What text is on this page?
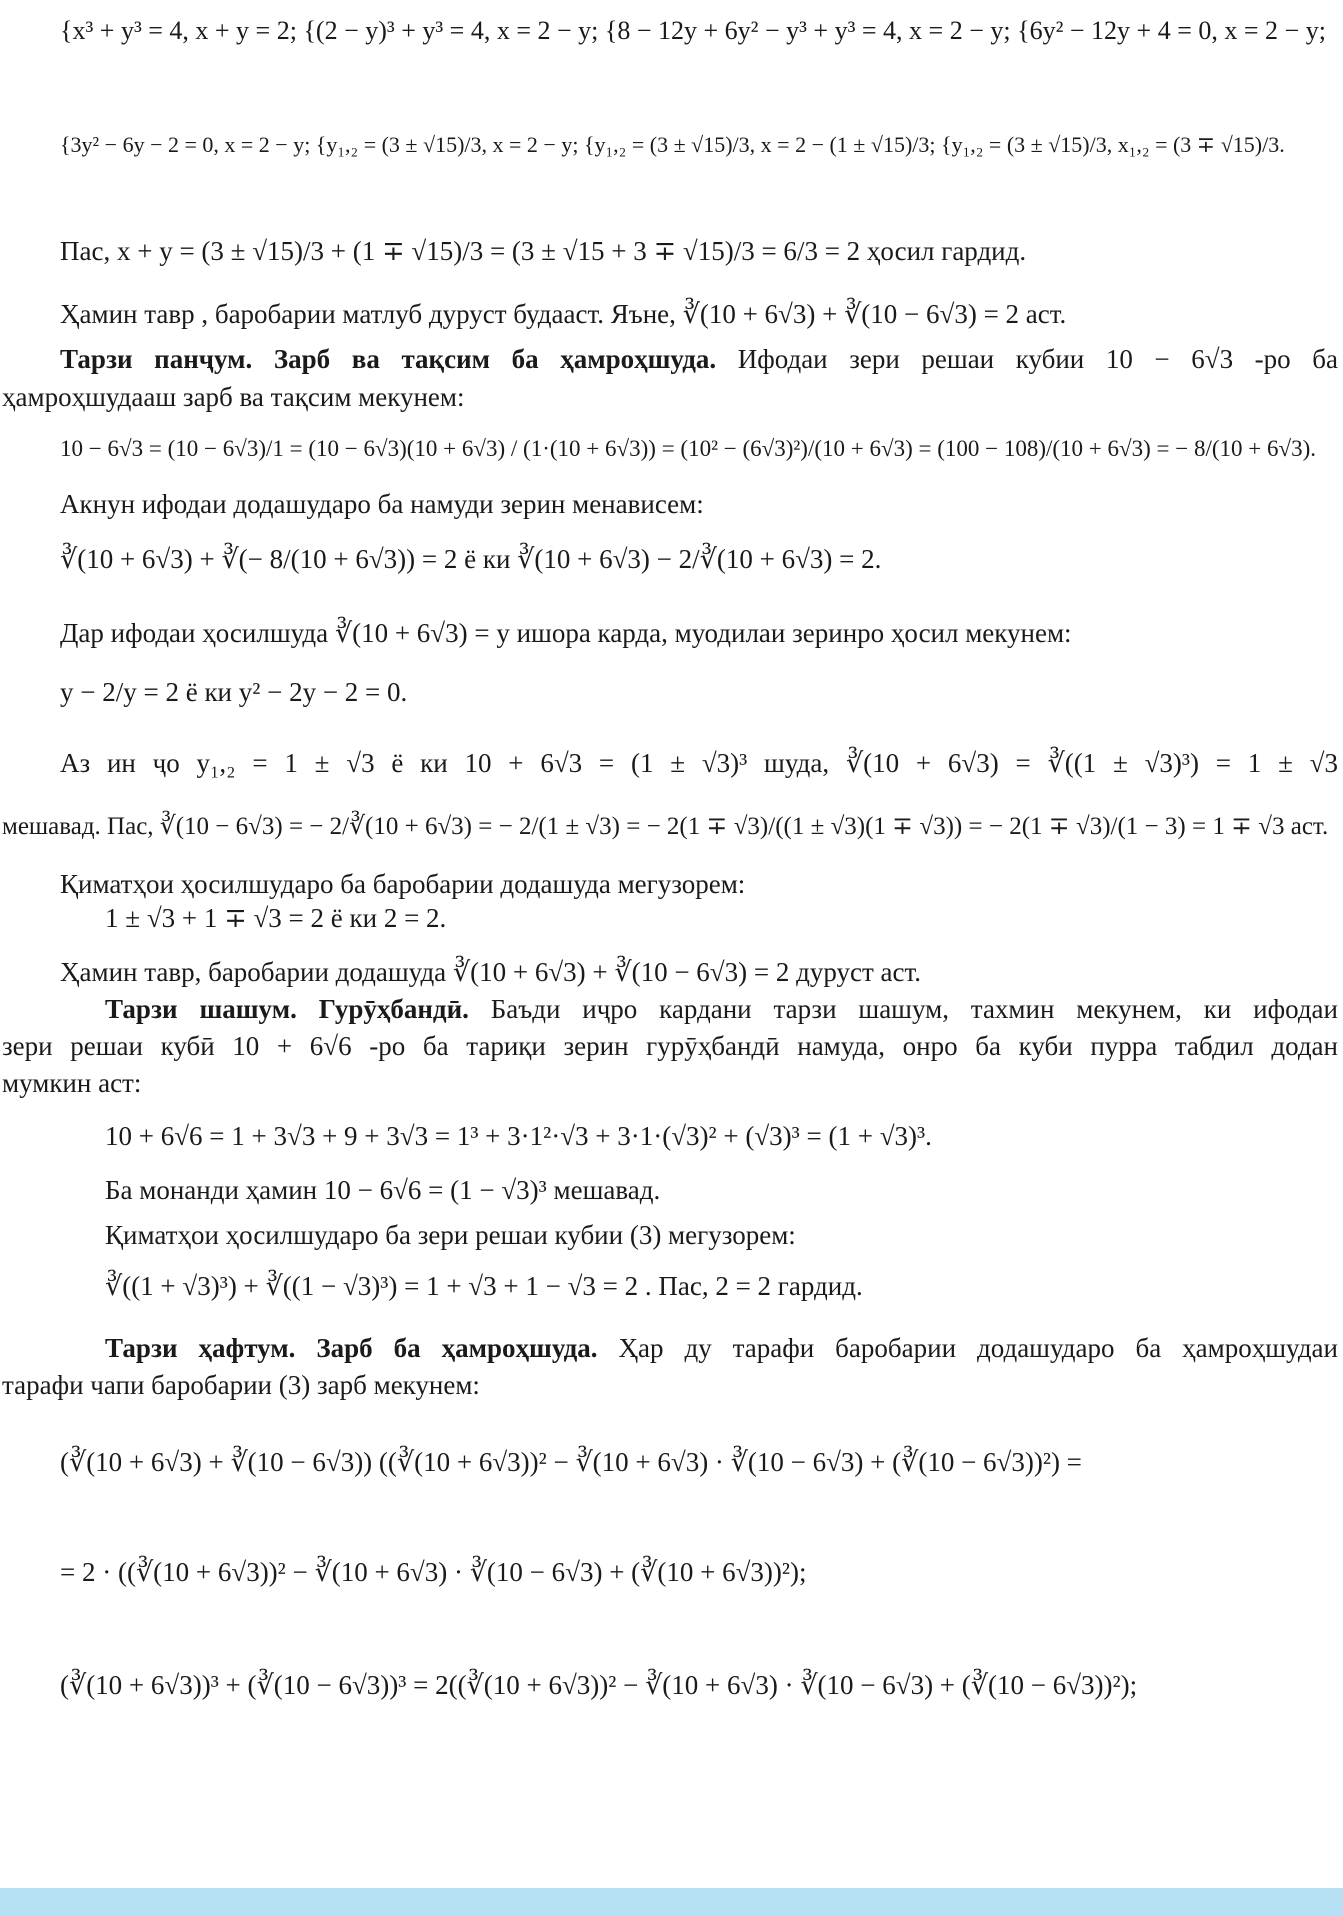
{x³ + y³ = 4, x + y = 2; {(2 − y)³ + y³ = 4, x = 2 − y; {8 − 12y + 6y² − y³ + y³ = 4, x = 2 − y; {6y² − 12y + 4 = 0, x = 2 − y;
{3y² − 6y − 2 = 0, x = 2 − y; {y₁,₂ = (3 ± √15)/3, x = 2 − y; {y₁,₂ = (3 ± √15)/3, x = 2 − (1 ± √15)/3; {y₁,₂ = (3 ± √15)/3, x₁,₂ = (3 ∓ √15)/3.
Пас, x + y = (3 ± √15)/3 + (1 ∓ √15)/3 = (3 ± √15 + 3 ∓ √15)/3 = 6/3 = 2 ҳосил гардид.
Ҳамин тавр , баробарии матлуб дуруст будааст. Яъне, ∛(10 + 6√3) + ∛(10 − 6√3) = 2 аст.
Тарзи панҷум. Зарб ва тақсим ба ҳамроҳшуда. Ифодаи зери решаи кубии 10 − 6√3 -ро ба
ҳамроҳшудааш зарб ва тақсим мекунем:
10 − 6√3 = (10 − 6√3)/1 = (10 − 6√3)(10 + 6√3) / (1·(10 + 6√3)) = (10² − (6√3)²)/(10 + 6√3) = (100 − 108)/(10 + 6√3) = − 8/(10 + 6√3).
Акнун ифодаи додашударо ба намуди зерин менависем:
∛(10 + 6√3) + ∛(− 8/(10 + 6√3)) = 2 ё ки ∛(10 + 6√3) − 2/∛(10 + 6√3) = 2.
Дар ифодаи ҳосилшуда ∛(10 + 6√3) = y ишора карда, муодилаи зеринро ҳосил мекунем:
y − 2/y = 2 ё ки y² − 2y − 2 = 0.
Аз ин ҷо y₁,₂ = 1 ± √3 ё ки 10 + 6√3 = (1 ± √3)³ шуда, ∛(10 + 6√3) = ∛((1 ± √3)³) = 1 ± √3
мешавад. Пас, ∛(10 − 6√3) = − 2/∛(10 + 6√3) = − 2/(1 ± √3) = − 2(1 ∓ √3)/((1 ± √3)(1 ∓ √3)) = − 2(1 ∓ √3)/(1 − 3) = 1 ∓ √3 аст.
Қиматҳои ҳосилшударо ба баробарии додашуда мегузорем:
1 ± √3 + 1 ∓ √3 = 2 ё ки 2 = 2.
Ҳамин тавр, баробарии додашуда ∛(10 + 6√3) + ∛(10 − 6√3) = 2 дуруст аст.
Тарзи шашум. Гурӯҳбандӣ. Баъди иҷро кардани тарзи шашум, тахмин мекунем, ки ифодаи
зери решаи кубӣ 10 + 6√6 -ро ба тариқи зерин гурӯҳбандӣ намуда, онро ба куби пурра табдил додан
мумкин аст:
10 + 6√6 = 1 + 3√3 + 9 + 3√3 = 1³ + 3·1²·√3 + 3·1·(√3)² + (√3)³ = (1 + √3)³.
Ба монанди ҳамин 10 − 6√6 = (1 − √3)³ мешавад.
Қиматҳои ҳосилшударо ба зери решаи кубии (3) мегузорем:
∛((1 + √3)³) + ∛((1 − √3)³) = 1 + √3 + 1 − √3 = 2 . Пас, 2 = 2 гардид.
Тарзи ҳафтум. Зарб ба ҳамроҳшуда. Ҳар ду тарафи баробарии додашударо ба ҳамроҳшудаи
тарафи чапи баробарии (3) зарб мекунем:
(∛(10 + 6√3) + ∛(10 − 6√3)) ((∛(10 + 6√3))² − ∛(10 + 6√3) · ∛(10 − 6√3) + (∛(10 − 6√3))²) =
= 2 · ((∛(10 + 6√3))² − ∛(10 + 6√3) · ∛(10 − 6√3) + (∛(10 + 6√3))²);
(∛(10 + 6√3))³ + (∛(10 − 6√3))³ = 2((∛(10 + 6√3))² − ∛(10 + 6√3) · ∛(10 − 6√3) + (∛(10 − 6√3))²);
